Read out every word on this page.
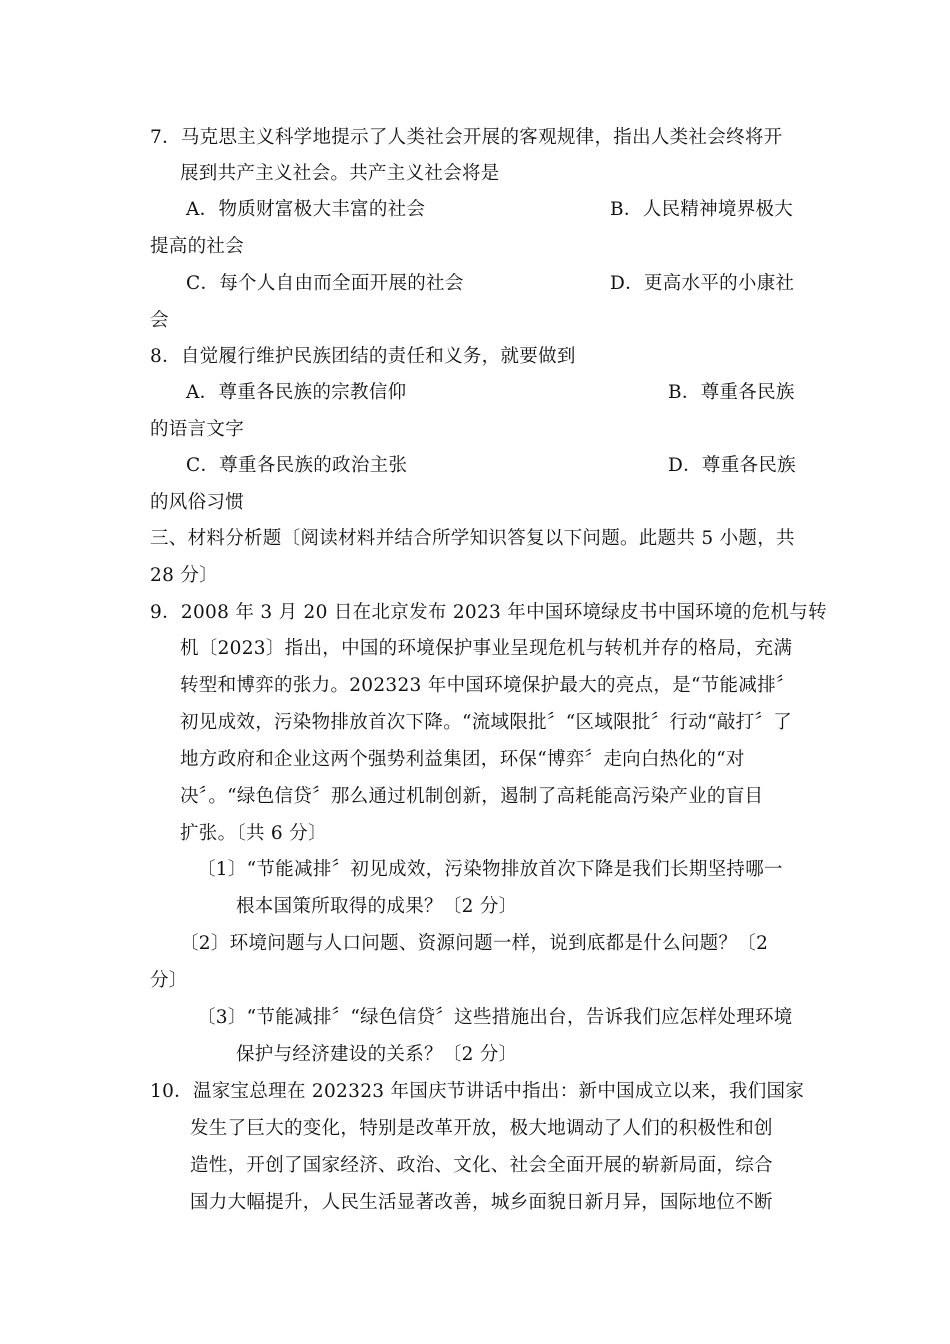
7．马克思主义科学地提示了人类社会开展的客观规律，指出人类社会终将开
展到共产主义社会。共产主义社会将是
A．物质财富极大丰富的社会	B．人民精神境界极大
提高的社会
C．每个人自由而全面开展的社会	D．更高水平的小康社
会
8．自觉履行维护民族团结的责任和义务，就要做到
A．尊重各民族的宗教信仰	B．尊重各民族
的语言文字
C．尊重各民族的政治主张	D．尊重各民族
的风俗习惯
三、材料分析题〔阅读材料并结合所学知识答复以下问题。此题共 5 小题，共
28 分〕
9．2008 年 3 月 20 日在北京发布 2023 年中国环境绿皮书中国环境的危机与转
机〔2023〕指出，中国的环境保护事业呈现危机与转机并存的格局，充满
转型和博弈的张力。202323 年中国环境保护最大的亮点，是“节能减排〞
初见成效，污染物排放首次下降。“流域限批〞“区域限批〞行动“敲打〞了
地方政府和企业这两个强势利益集团，环保“博弈〞走向白热化的“对
决〞。“绿色信贷〞那么通过机制创新，遏制了高耗能高污染产业的盲目
扩张。〔共 6 分〕
〔1〕“节能减排〞初见成效，污染物排放首次下降是我们长期坚持哪一
根本国策所取得的成果？〔2 分〕
〔2〕环境问题与人口问题、资源问题一样，说到底都是什么问题？〔2
分〕
〔3〕“节能减排〞“绿色信贷〞这些措施出台，告诉我们应怎样处理环境
保护与经济建设的关系？〔2 分〕
10．温家宝总理在 202323 年国庆节讲话中指出：新中国成立以来，我们国家
发生了巨大的变化，特别是改革开放，极大地调动了人们的积极性和创
造性，开创了国家经济、政治、文化、社会全面开展的崭新局面，综合
国力大幅提升，人民生活显著改善，城乡面貌日新月异，国际地位不断
